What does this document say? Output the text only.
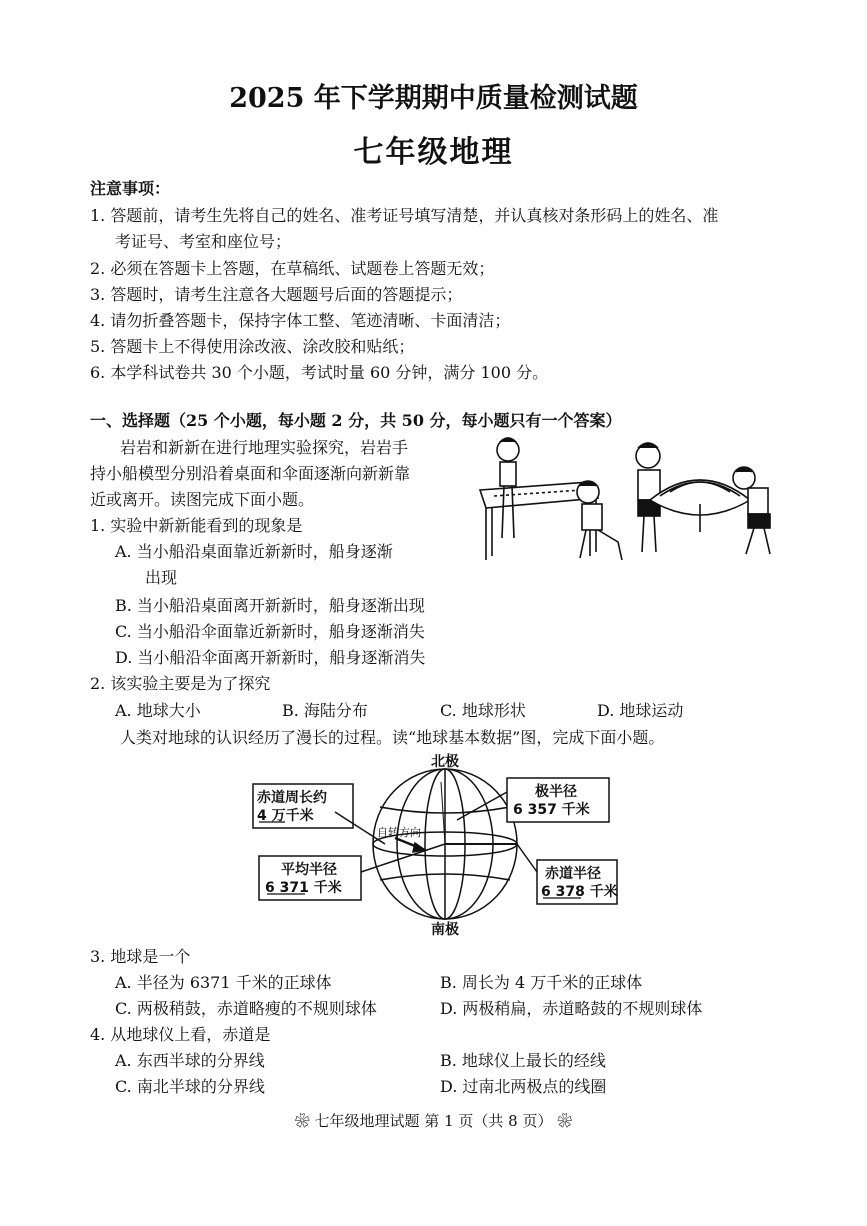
2025 年下学期期中质量检测试题
七年级地理
注意事项：
1. 答题前，请考生先将自己的姓名、准考证号填写清楚，并认真核对条形码上的姓名、准
考证号、考室和座位号；
2. 必须在答题卡上答题，在草稿纸、试题卷上答题无效；
3. 答题时，请考生注意各大题题号后面的答题提示；
4. 请勿折叠答题卡，保持字体工整、笔迹清晰、卡面清洁；
5. 答题卡上不得使用涂改液、涂改胶和贴纸；
6. 本学科试卷共 30 个小题，考试时量 60 分钟，满分 100 分。
一、选择题（25 个小题，每小题 2 分，共 50 分，每小题只有一个答案）
岩岩和新新在进行地理实验探究，岩岩手
持小船模型分别沿着桌面和伞面逐渐向新新靠
近或离开。读图完成下面小题。
1. 实验中新新能看到的现象是
A. 当小船沿桌面靠近新新时，船身逐渐
出现
B. 当小船沿桌面离开新新时，船身逐渐出现
C. 当小船沿伞面靠近新新时，船身逐渐消失
D. 当小船沿伞面离开新新时，船身逐渐消失
2. 该实验主要是为了探究
A. 地球大小	B. 海陆分布	C. 地球形状	D. 地球运动
人类对地球的认识经历了漫长的过程。读“地球基本数据”图，完成下面小题。
北极
南极
赤道周长约
4 万千米
极半径
6 357 千米
平均半径
6 371 千米
赤道半径
6 378 千米
自转方向
3. 地球是一个
A. 半径为 6371 千米的正球体	B. 周长为 4 万千米的正球体
C. 两极稍鼓，赤道略瘦的不规则球体	D. 两极稍扁，赤道略鼓的不规则球体
4. 从地球仪上看，赤道是
A. 东西半球的分界线	B. 地球仪上最长的经线
C. 南北半球的分界线	D. 过南北两极点的线圈
❀ 七年级地理试题 第 1 页（共 8 页） ❀
